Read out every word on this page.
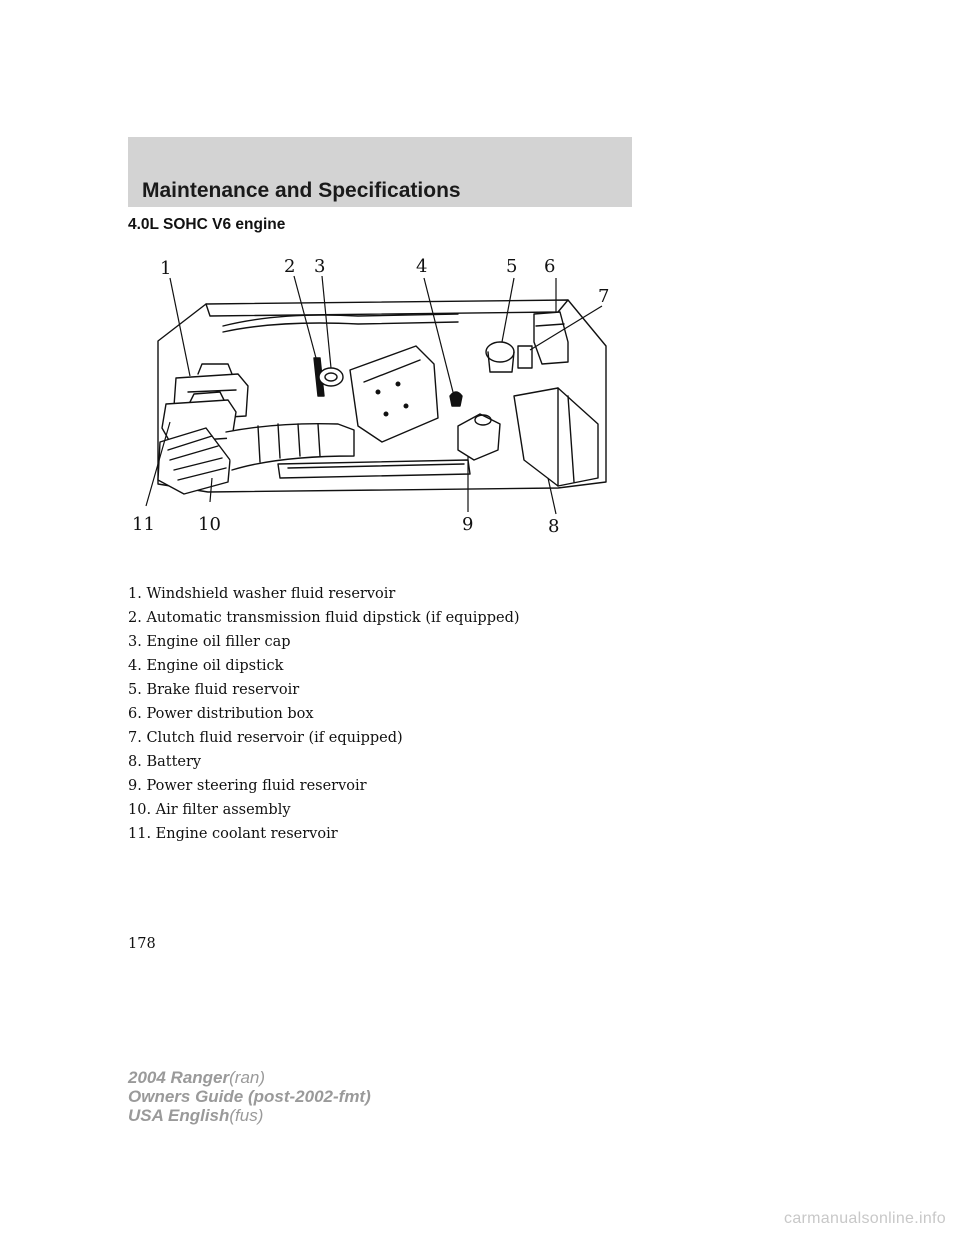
Maintenance and Specifications
4.0L SOHC V6 engine
1	2 3	4	5 6
7
8
9
10
11
1. Windshield washer fluid reservoir
2. Automatic transmission fluid dipstick (if equipped)
3. Engine oil filler cap
4. Engine oil dipstick
5. Brake fluid reservoir
6. Power distribution box
7. Clutch fluid reservoir (if equipped)
8. Battery
9. Power steering fluid reservoir
10. Air filter assembly
11. Engine coolant reservoir
178
2004 Ranger(ran)
Owners Guide (post-2002-fmt)
USA English(fus)
carmanualsonline.info
